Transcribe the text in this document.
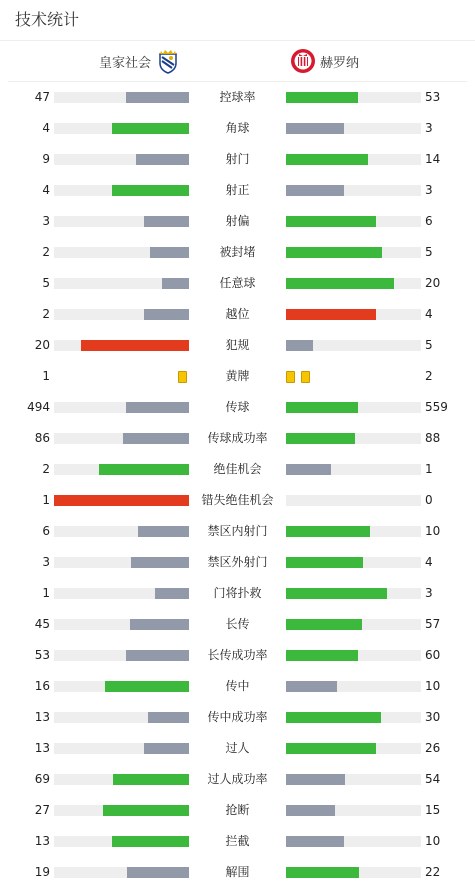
技术统计
皇家社会	赫罗纳
47	控球率	53
4	角球	3
9	射门	14
4	射正	3
3	射偏	6
2	被封堵	5
5	任意球	20
2	越位	4
20	犯规	5
1	黄牌	2
494	传球	559
86	传球成功率	88
2	绝佳机会	1
1	错失绝佳机会	0
6	禁区内射门	10
3	禁区外射门	4
1	门将扑救	3
45	长传	57
53	长传成功率	60
16	传中	10
13	传中成功率	30
13	过人	26
69	过人成功率	54
27	抢断	15
13	拦截	10
19	解围	22
